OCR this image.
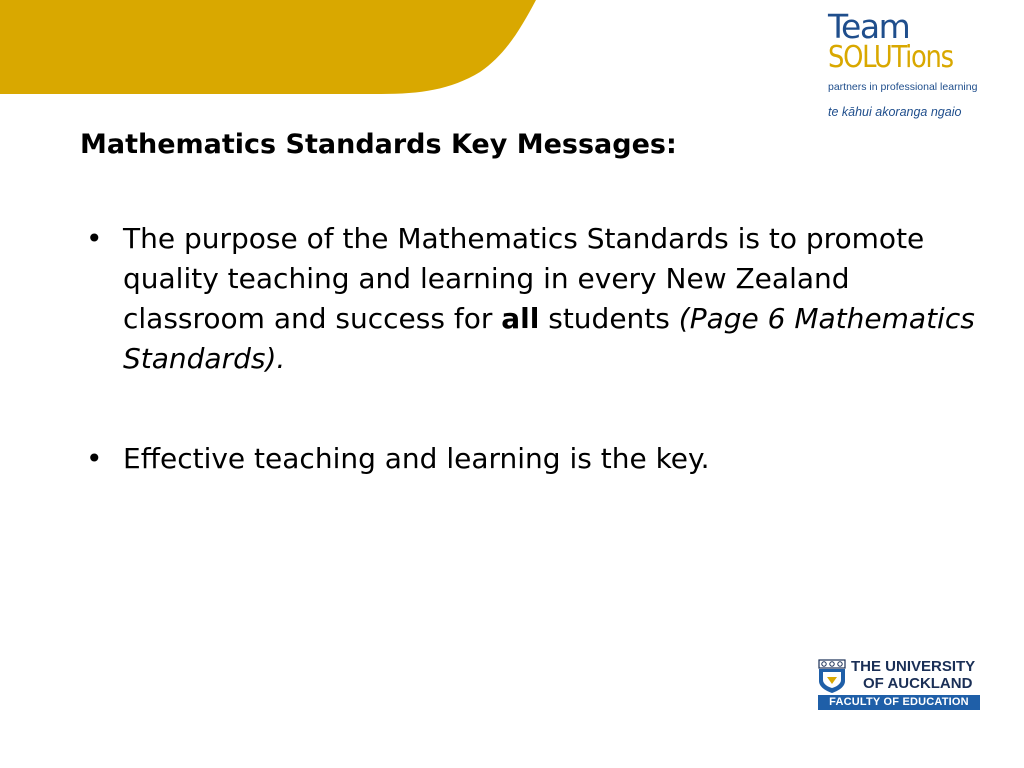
Team
SOLUTions
partners in professional learning
te kāhui akoranga ngaio
Mathematics Standards Key Messages:
• The purpose of the Mathematics Standards is to promote quality teaching and learning in every New Zealand classroom and success for all students (Page 6 Mathematics Standards).
• Effective teaching and learning is the key.
THE UNIVERSITY
OF AUCKLAND
FACULTY OF EDUCATION
